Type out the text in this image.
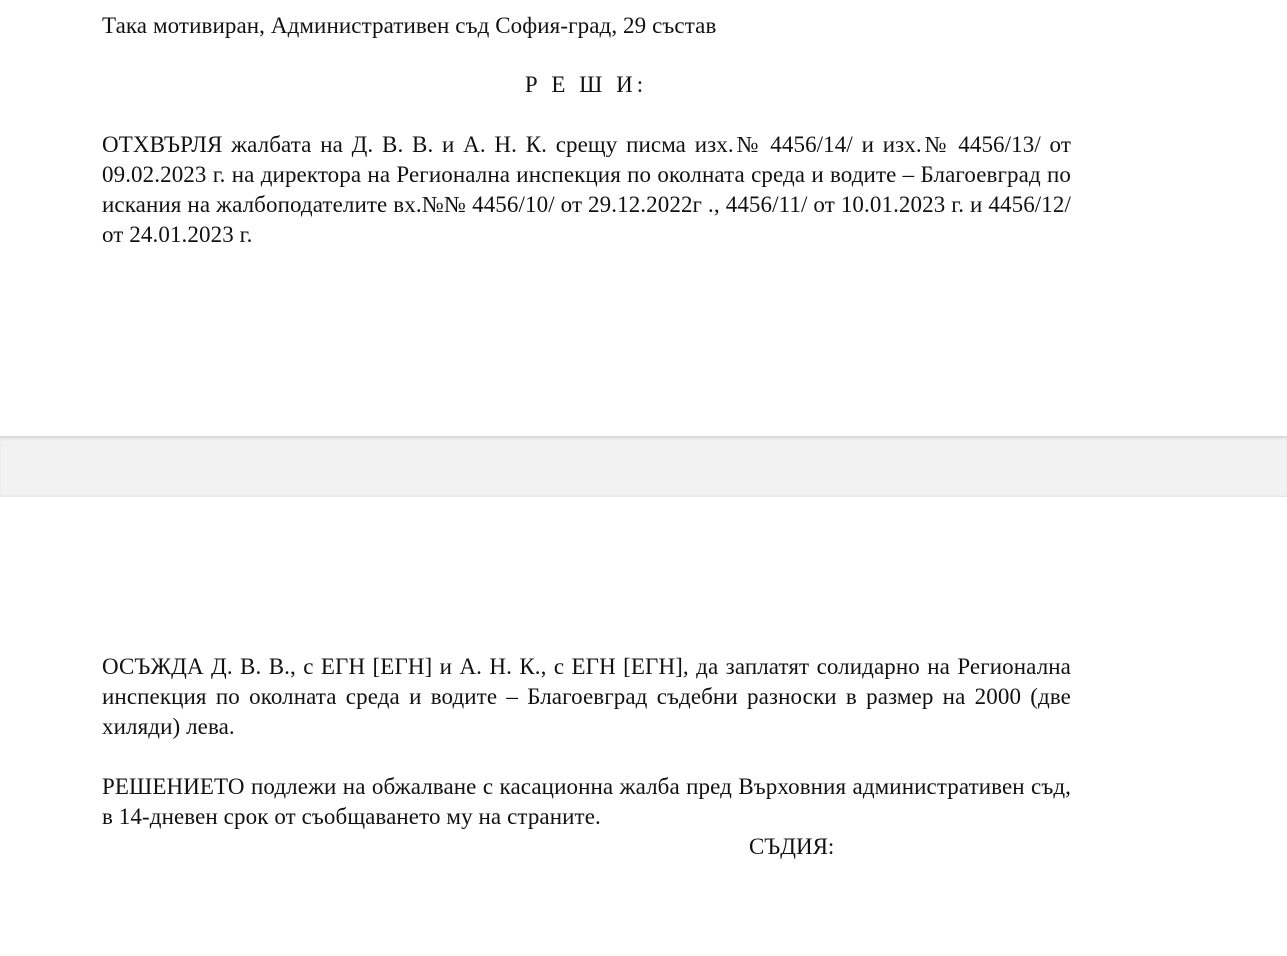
Така мотивиран, Административен съд София-град, 29 състав
Р Е Ш И:
ОТХВЪРЛЯ жалбата на Д. В. В. и А. Н. К. срещу писма изх.№ 4456/14/ и изх.№ 4456/13/ от 09.02.2023 г. на директора на Регионална инспекция по околната среда и водите – Благоевград по искания на жалбоподателите вх.№№ 4456/10/ от 29.12.2022г ., 4456/11/ от 10.01.2023 г. и 4456/12/ от 24.01.2023 г.
ОСЪЖДА Д. В. В., с ЕГН [ЕГН] и А. Н. К., с ЕГН [ЕГН], да заплатят солидарно на Регионална инспекция по околната среда и водите – Благоевград съдебни разноски в размер на 2000 (две хиляди) лева.
РЕШЕНИЕТО подлежи на обжалване с касационна жалба пред Върховния административен съд, в 14-дневен срок от съобщаването му на страните.
СЪДИЯ:
